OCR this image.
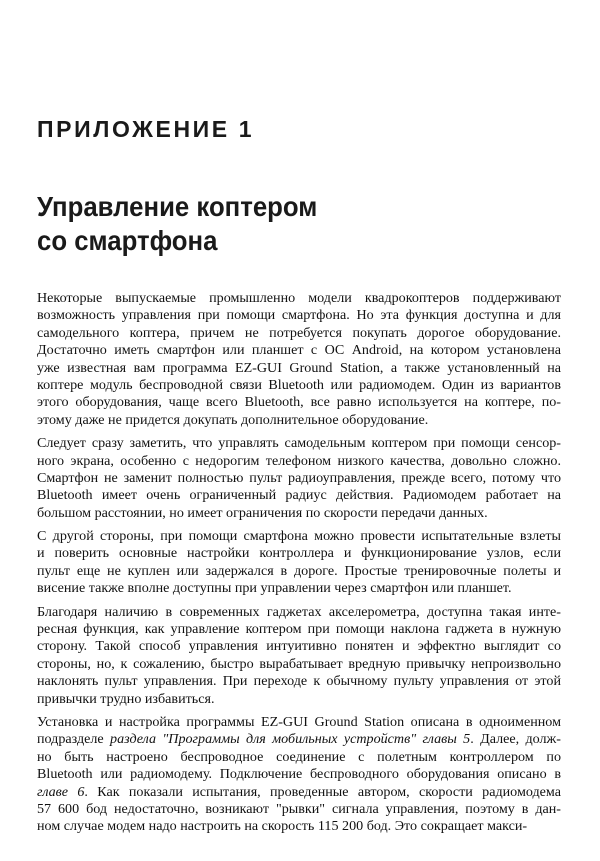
ПРИЛОЖЕНИЕ 1
Управление коптером
со смартфона
Некоторые выпускаемые промышленно модели квадрокоптеров поддерживают
возможность управления при помощи смартфона. Но эта функция доступна и для
самодельного коптера, причем не потребуется покупать дорогое оборудование.
Достаточно иметь смартфон или планшет с ОС Android, на котором установлена
уже известная вам программа EZ-GUI Ground Station, а также установленный на
коптере модуль беспроводной связи Bluetooth или радиомодем. Один из вариантов
этого оборудования, чаще всего Bluetooth, все равно используется на коптере, по-
этому даже не придется докупать дополнительное оборудование.
Следует сразу заметить, что управлять самодельным коптером при помощи сенсор-
ного экрана, особенно с недорогим телефоном низкого качества, довольно сложно.
Смартфон не заменит полностью пульт радиоуправления, прежде всего, потому что
Bluetooth имеет очень ограниченный радиус действия. Радиомодем работает на
большом расстоянии, но имеет ограничения по скорости передачи данных.
С другой стороны, при помощи смартфона можно провести испытательные взлеты
и поверить основные настройки контроллера и функционирование узлов, если
пульт еще не куплен или задержался в дороге. Простые тренировочные полеты и
висение также вполне доступны при управлении через смартфон или планшет.
Благодаря наличию в современных гаджетах акселерометра, доступна такая инте-
ресная функция, как управление коптером при помощи наклона гаджета в нужную
сторону. Такой способ управления интуитивно понятен и эффектно выглядит со
стороны, но, к сожалению, быстро вырабатывает вредную привычку непроизвольно
наклонять пульт управления. При переходе к обычному пульту управления от этой
привычки трудно избавиться.
Установка и настройка программы EZ-GUI Ground Station описана в одноименном
подразделе раздела "Программы для мобильных устройств" главы 5. Далее, долж-
но быть настроено беспроводное соединение с полетным контроллером по
Bluetooth или радиомодему. Подключение беспроводного оборудования описано в
главе 6. Как показали испытания, проведенные автором, скорости радиомодема
57 600 бод недостаточно, возникают "рывки" сигнала управления, поэтому в дан-
ном случае модем надо настроить на скорость 115 200 бод. Это сокращает макси-
